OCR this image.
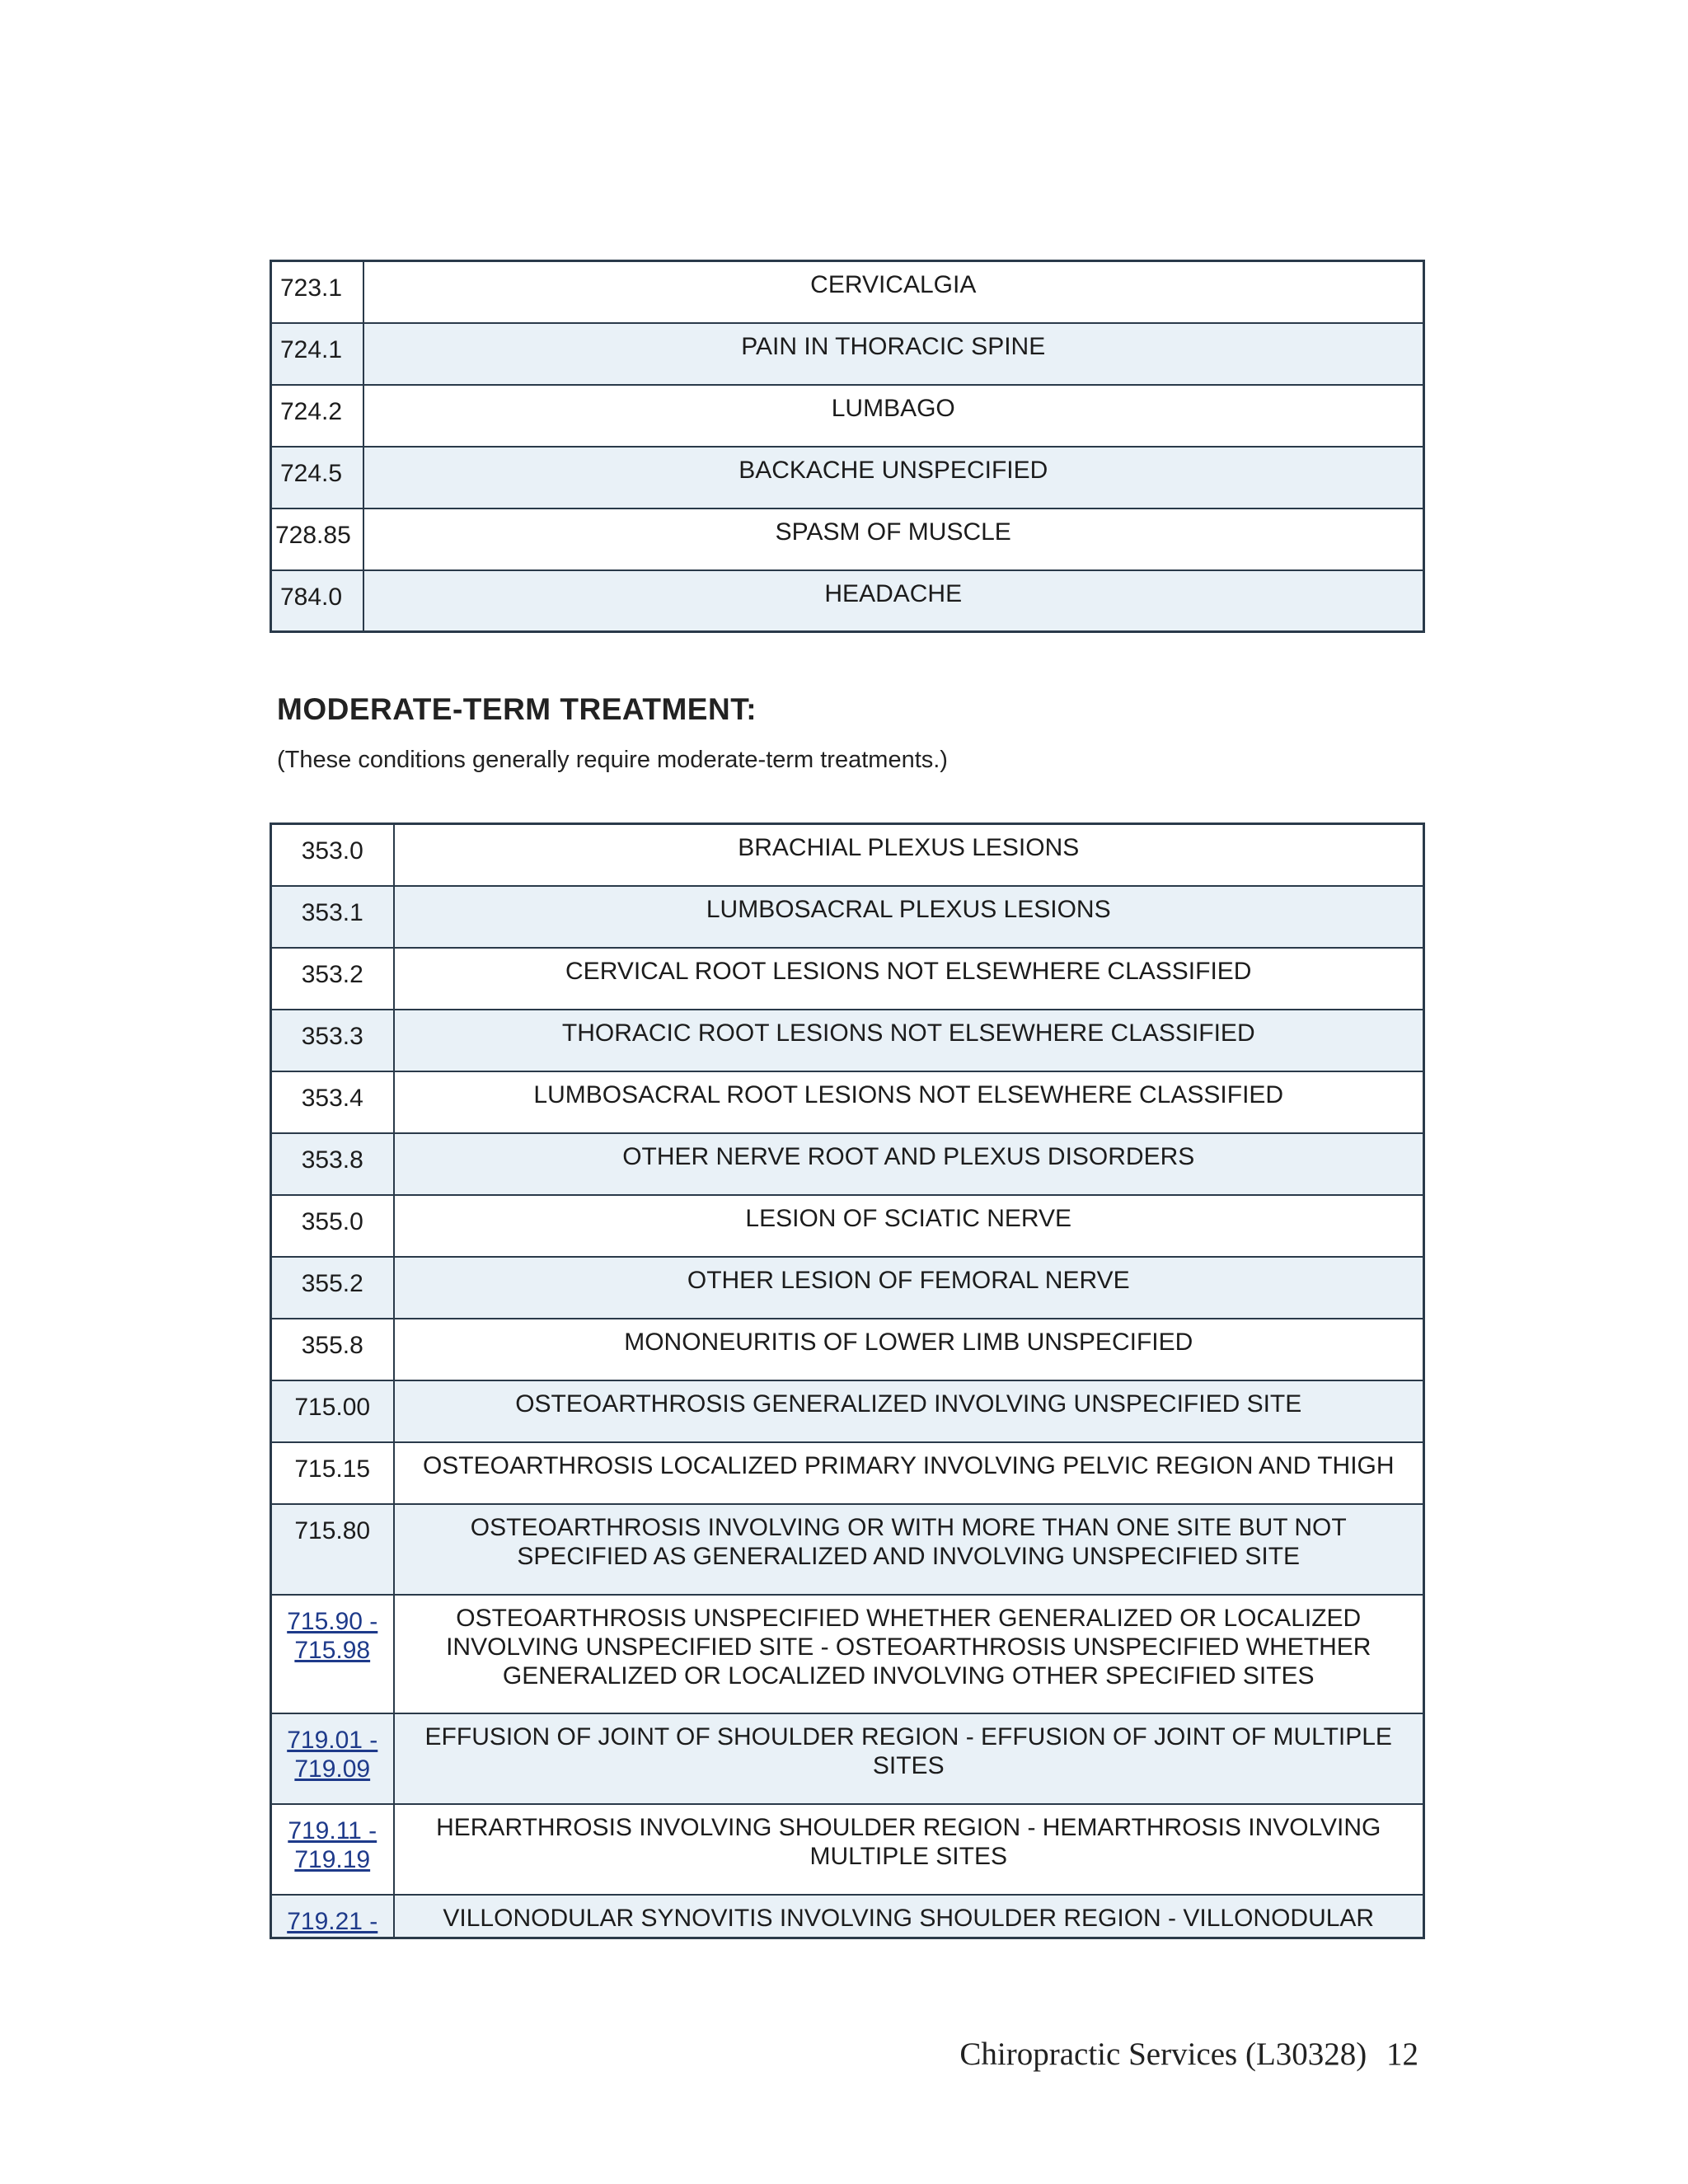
723.1	CERVICALGIA
724.1	PAIN IN THORACIC SPINE
724.2	LUMBAGO
724.5	BACKACHE UNSPECIFIED
728.85	SPASM OF MUSCLE
784.0	HEADACHE
MODERATE-TERM TREATMENT:

(These conditions generally require moderate-term treatments.)

353.0	BRACHIAL PLEXUS LESIONS
353.1	LUMBOSACRAL PLEXUS LESIONS
353.2	CERVICAL ROOT LESIONS NOT ELSEWHERE CLASSIFIED
353.3	THORACIC ROOT LESIONS NOT ELSEWHERE CLASSIFIED
353.4	LUMBOSACRAL ROOT LESIONS NOT ELSEWHERE CLASSIFIED
353.8	OTHER NERVE ROOT AND PLEXUS DISORDERS
355.0	LESION OF SCIATIC NERVE
355.2	OTHER LESION OF FEMORAL NERVE
355.8	MONONEURITIS OF LOWER LIMB UNSPECIFIED
715.00	OSTEOARTHROSIS GENERALIZED INVOLVING UNSPECIFIED SITE
715.15	OSTEOARTHROSIS LOCALIZED PRIMARY INVOLVING PELVIC REGION AND THIGH
715.80	OSTEOARTHROSIS INVOLVING OR WITH MORE THAN ONE SITE BUT NOT SPECIFIED AS GENERALIZED AND INVOLVING UNSPECIFIED SITE

715.90 -
715.98	OSTEOARTHROSIS UNSPECIFIED WHETHER GENERALIZED OR LOCALIZED INVOLVING UNSPECIFIED SITE - OSTEOARTHROSIS UNSPECIFIED WHETHER GENERALIZED OR LOCALIZED INVOLVING OTHER SPECIFIED SITES

719.01 -
719.09	EFFUSION OF JOINT OF SHOULDER REGION - EFFUSION OF JOINT OF MULTIPLE SITES

719.11 -
719.19	HERARTHROSIS INVOLVING SHOULDER REGION - HEMARTHROSIS INVOLVING MULTIPLE SITES

719.21 -	VILLONODULAR SYNOVITIS INVOLVING SHOULDER REGION - VILLONODULAR
Chiropractic Services (L30328) 12
